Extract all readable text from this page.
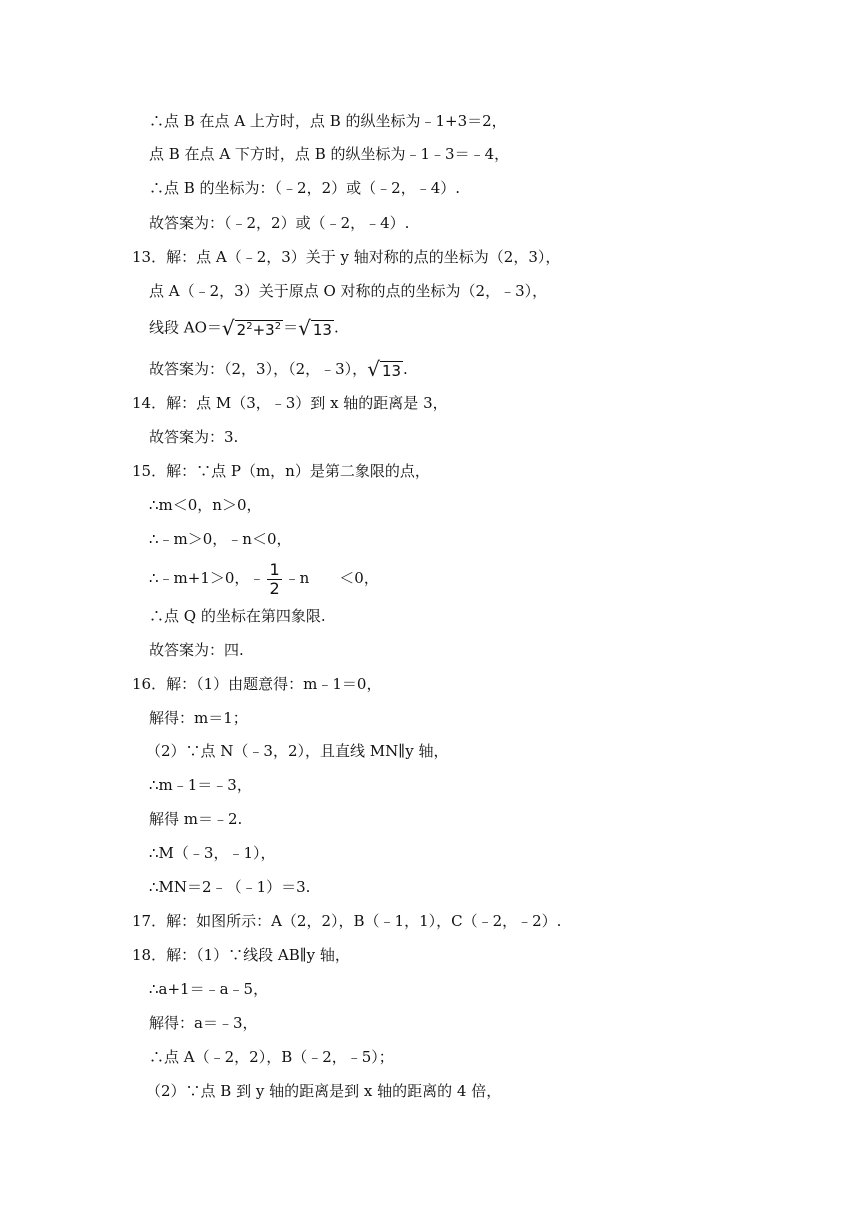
∴点 B 在点 A 上方时，点 B 的纵坐标为﹣1+3＝2，
点 B 在点 A 下方时，点 B 的纵坐标为﹣1﹣3＝﹣4，
∴点 B 的坐标为：（﹣2，2）或（﹣2，﹣4）.
故答案为：（﹣2，2）或（﹣2，﹣4）.
13．解：点 A（﹣2，3）关于 y 轴对称的点的坐标为（2，3），
点 A（﹣2，3）关于原点 O 对称的点的坐标为（2，﹣3），
线段 AO＝√ $2^2+3^2$ ＝√ 13 .
故答案为：（2，3），（2，﹣3），√ 13 .
14．解：点 M（3，﹣3）到 x 轴的距离是 3，
故答案为：3.
15．解：∵点 P（m，n）是第二象限的点，
∴m＜0，n＞0，
∴﹣m＞0，﹣n＜0，
∴﹣m+1＞0，﹣ $\frac{1}{2}$ ﹣n ＜0，
∴点 Q 的坐标在第四象限.
故答案为：四.
16．解：（1）由题意得：m﹣1＝0，
解得：m＝1；
（2）∵点 N（﹣3，2），且直线 MN∥y 轴，
∴m﹣1＝﹣3，
解得 m＝﹣2.
∴M（﹣3，﹣1），
∴MN＝2﹣（﹣1）＝3.
17．解：如图所示：A（2，2），B（﹣1，1），C（﹣2，﹣2）.
18．解：（1）∵线段 AB∥y 轴，
∴a+1＝﹣a﹣5，
解得：a＝﹣3，
∴点 A（﹣2，2），B（﹣2，﹣5）；
（2）∵点 B 到 y 轴的距离是到 x 轴的距离的 4 倍，
